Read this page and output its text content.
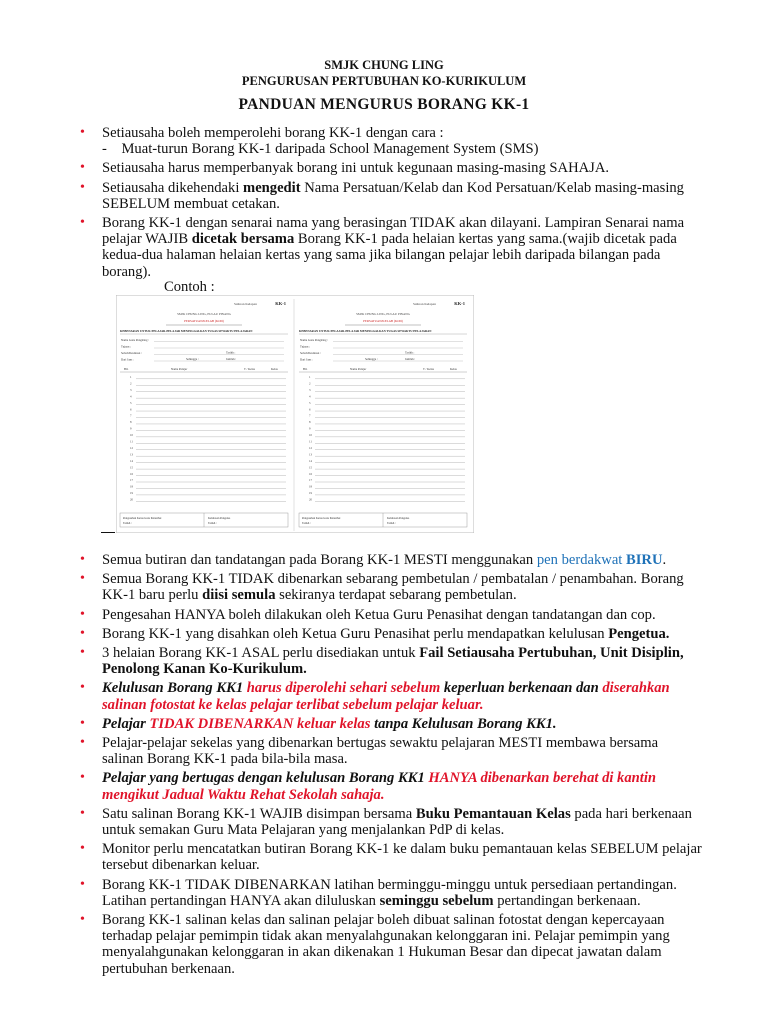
SMJK CHUNG LING
PENGURUSAN PERTUBUHAN KO-KURIKULUM
PANDUAN MENGURUS BORANG KK-1
• Setiausaha boleh memperolehi borang KK-1 dengan cara :
-    Muat-turun Borang KK-1 daripada School Management System (SMS)
• Setiausaha harus memperbanyak borang ini untuk kegunaan masing-masing SAHAJA.
• Setiausaha dikehendaki mengedit Nama Persatuan/Kelab dan Kod Persatuan/Kelab masing-masing SEBELUM membuat cetakan.
• Borang KK-1 dengan senarai nama yang berasingan TIDAK akan dilayani. Lampiran Senarai nama pelajar WAJIB dicetak bersama Borang KK-1 pada helaian kertas yang sama.(wajib dicetak pada kedua-dua halaman helaian kertas yang sama jika bilangan pelajar lebih daripada bilangan pada borang).
Contoh :
KK-1
Salinan Kelapan
SMJK CHUNG LING, PULAU PINANG
PERSATUAN/KELAB (KOD)
KEBENARAN UNTUK PELAJAR-PELAJAR MENINGGALKAN TUGAS SEWAKTU PELAJARAN
Nama Guru Pengiring :
Tujuan :
Sebab/Destinasi :
Dari Jam :
Tarikh :
Sehingga :	Jumlah :
Bil.	Nama Pelajar	T / Kelas	Kelas
1
2
3
4
5
6
7
8
9
10
11
12
13
14
15
16
17
18
19
20
Pengesahan Ketua Guru Penasihat	Kelulusan Pengetua
Tarikh :	Tarikh :
KK-1
Salinan Kelapan
SMJK CHUNG LING, PULAU PINANG
PERSATUAN/KELAB (KOD)
KEBENARAN UNTUK PELAJAR-PELAJAR MENINGGALKAN TUGAS SEWAKTU PELAJARAN
Nama Guru Pengiring :
Tujuan :
Sebab/Destinasi :
Dari Jam :
Tarikh :
Sehingga :	Jumlah :
Bil.	Nama Pelajar	T / Kelas	Kelas
1
2
3
4
5
6
7
8
9
10
11
12
13
14
15
16
17
18
19
20
Pengesahan Ketua Guru Penasihat	Kelulusan Pengetua
Tarikh :	Tarikh :
• Semua butiran dan tandatangan pada Borang KK-1 MESTI menggunakan pen berdakwat BIRU.
• Semua Borang KK-1 TIDAK dibenarkan sebarang pembetulan / pembatalan / penambahan. Borang KK-1 baru perlu diisi semula sekiranya terdapat sebarang pembetulan.
• Pengesahan HANYA boleh dilakukan oleh Ketua Guru Penasihat dengan tandatangan dan cop.
• Borang KK-1 yang disahkan oleh Ketua Guru Penasihat perlu mendapatkan kelulusan Pengetua.
• 3 helaian Borang KK-1 ASAL perlu disediakan untuk Fail Setiausaha Pertubuhan, Unit Disiplin, Penolong Kanan Ko-Kurikulum.
• Kelulusan Borang KK1 harus diperolehi sehari sebelum keperluan berkenaan dan diserahkan salinan fotostat ke kelas pelajar terlibat sebelum pelajar keluar.
• Pelajar TIDAK DIBENARKAN keluar kelas tanpa Kelulusan Borang KK1.
• Pelajar-pelajar sekelas yang dibenarkan bertugas sewaktu pelajaran MESTI membawa bersama salinan Borang KK-1 pada bila-bila masa.
• Pelajar yang bertugas dengan kelulusan Borang KK1 HANYA dibenarkan berehat di kantin mengikut Jadual Waktu Rehat Sekolah sahaja.
• Satu salinan Borang KK-1 WAJIB disimpan bersama Buku Pemantauan Kelas pada hari berkenaan untuk semakan Guru Mata Pelajaran yang menjalankan PdP di kelas.
• Monitor perlu mencatatkan butiran Borang KK-1 ke dalam buku pemantauan kelas SEBELUM pelajar tersebut dibenarkan keluar.
• Borang KK-1 TIDAK DIBENARKAN latihan berminggu-minggu untuk persediaan pertandingan.  Latihan pertandingan HANYA akan diluluskan seminggu sebelum pertandingan berkenaan.
• Borang KK-1 salinan kelas dan salinan pelajar boleh dibuat salinan fotostat dengan kepercayaan terhadap pelajar pemimpin tidak akan menyalahgunakan kelonggaran ini. Pelajar pemimpin yang menyalahgunakan kelonggaran in akan dikenakan 1 Hukuman Besar dan dipecat jawatan dalam pertubuhan berkenaan.
